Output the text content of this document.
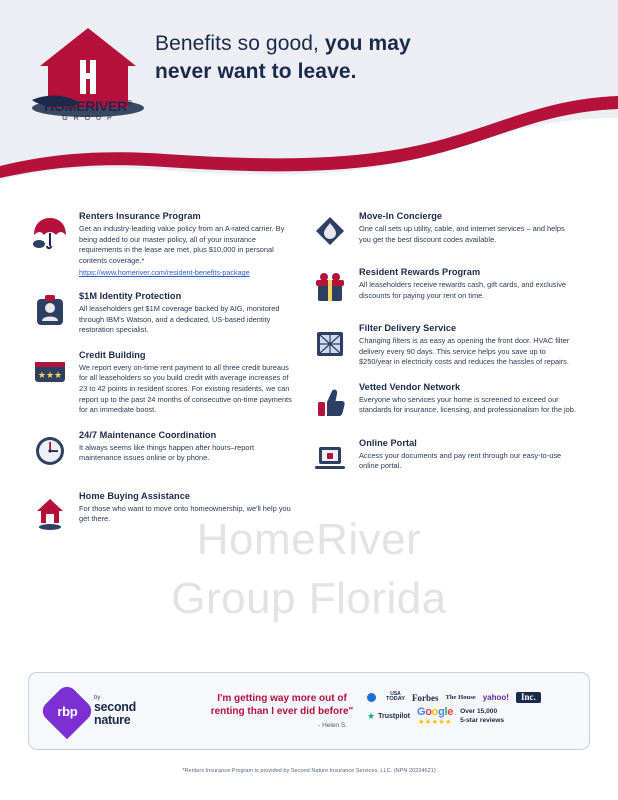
HOMERIVER®
G R O U P
Benefits so good, you may
never want to leave.
HomeRiver
Group Florida

Renters Insurance Program

Get an industry-leading value policy from an A-rated carrier. By being added to our master policy, all of your insurance requirements in the lease are met, plus $10,000 in personal contents coverage.*

https://www.homeriver.com/resident-benefits-package

$1M Identity Protection

All leaseholders get $1M coverage backed by AIG, monitored through IBM's Watson, and a dedicated, US-based identity restoration specialist.

★★★

Credit Building

We report every on-time rent payment to all three credit bureaus for all leaseholders so you build credit with average increases of 23 to 42 points in resident scores. For existing residents, we can report up to the past 24 months of consecutive on-time payments for an immediate boost.

24/7 Maintenance Coordination

It always seems like things happen after hours–report maintenance issues online or by phone.

Home Buying Assistance

For those who want to move onto homeownership, we'll help you get there.

Move-In Concierge

One call sets up utility, cable, and internet services – and helps you get the best discount codes available.

Resident Rewards Program

All leaseholders receive rewards cash, gift cards, and exclusive discounts for paying your rent on time.

Filter Delivery Service

Changing filters is as easy as opening the front door. HVAC filter delivery every 90 days. This service helps you save up to $250/year in electricity costs and reduces the hassles of repairs.

Vetted Vendor Network

Everyone who services your home is screened to exceed our standards for insurance, licensing, and professionalism for the job.

Online Portal

Access your documents and pay rent through our easy-to-use online portal.

rbp
by
second
nature
I'm getting way more out of renting than I ever did before"
- Helen S.
USA
TODAY Forbes The House yahoo!	Inc.
★ Trustpilot Google
★★★★★
Over 15,000
5-star reviews
*Renters Insurance Program is provided by Second Nature Insurance Services, LLC. (NPN 20224621)
